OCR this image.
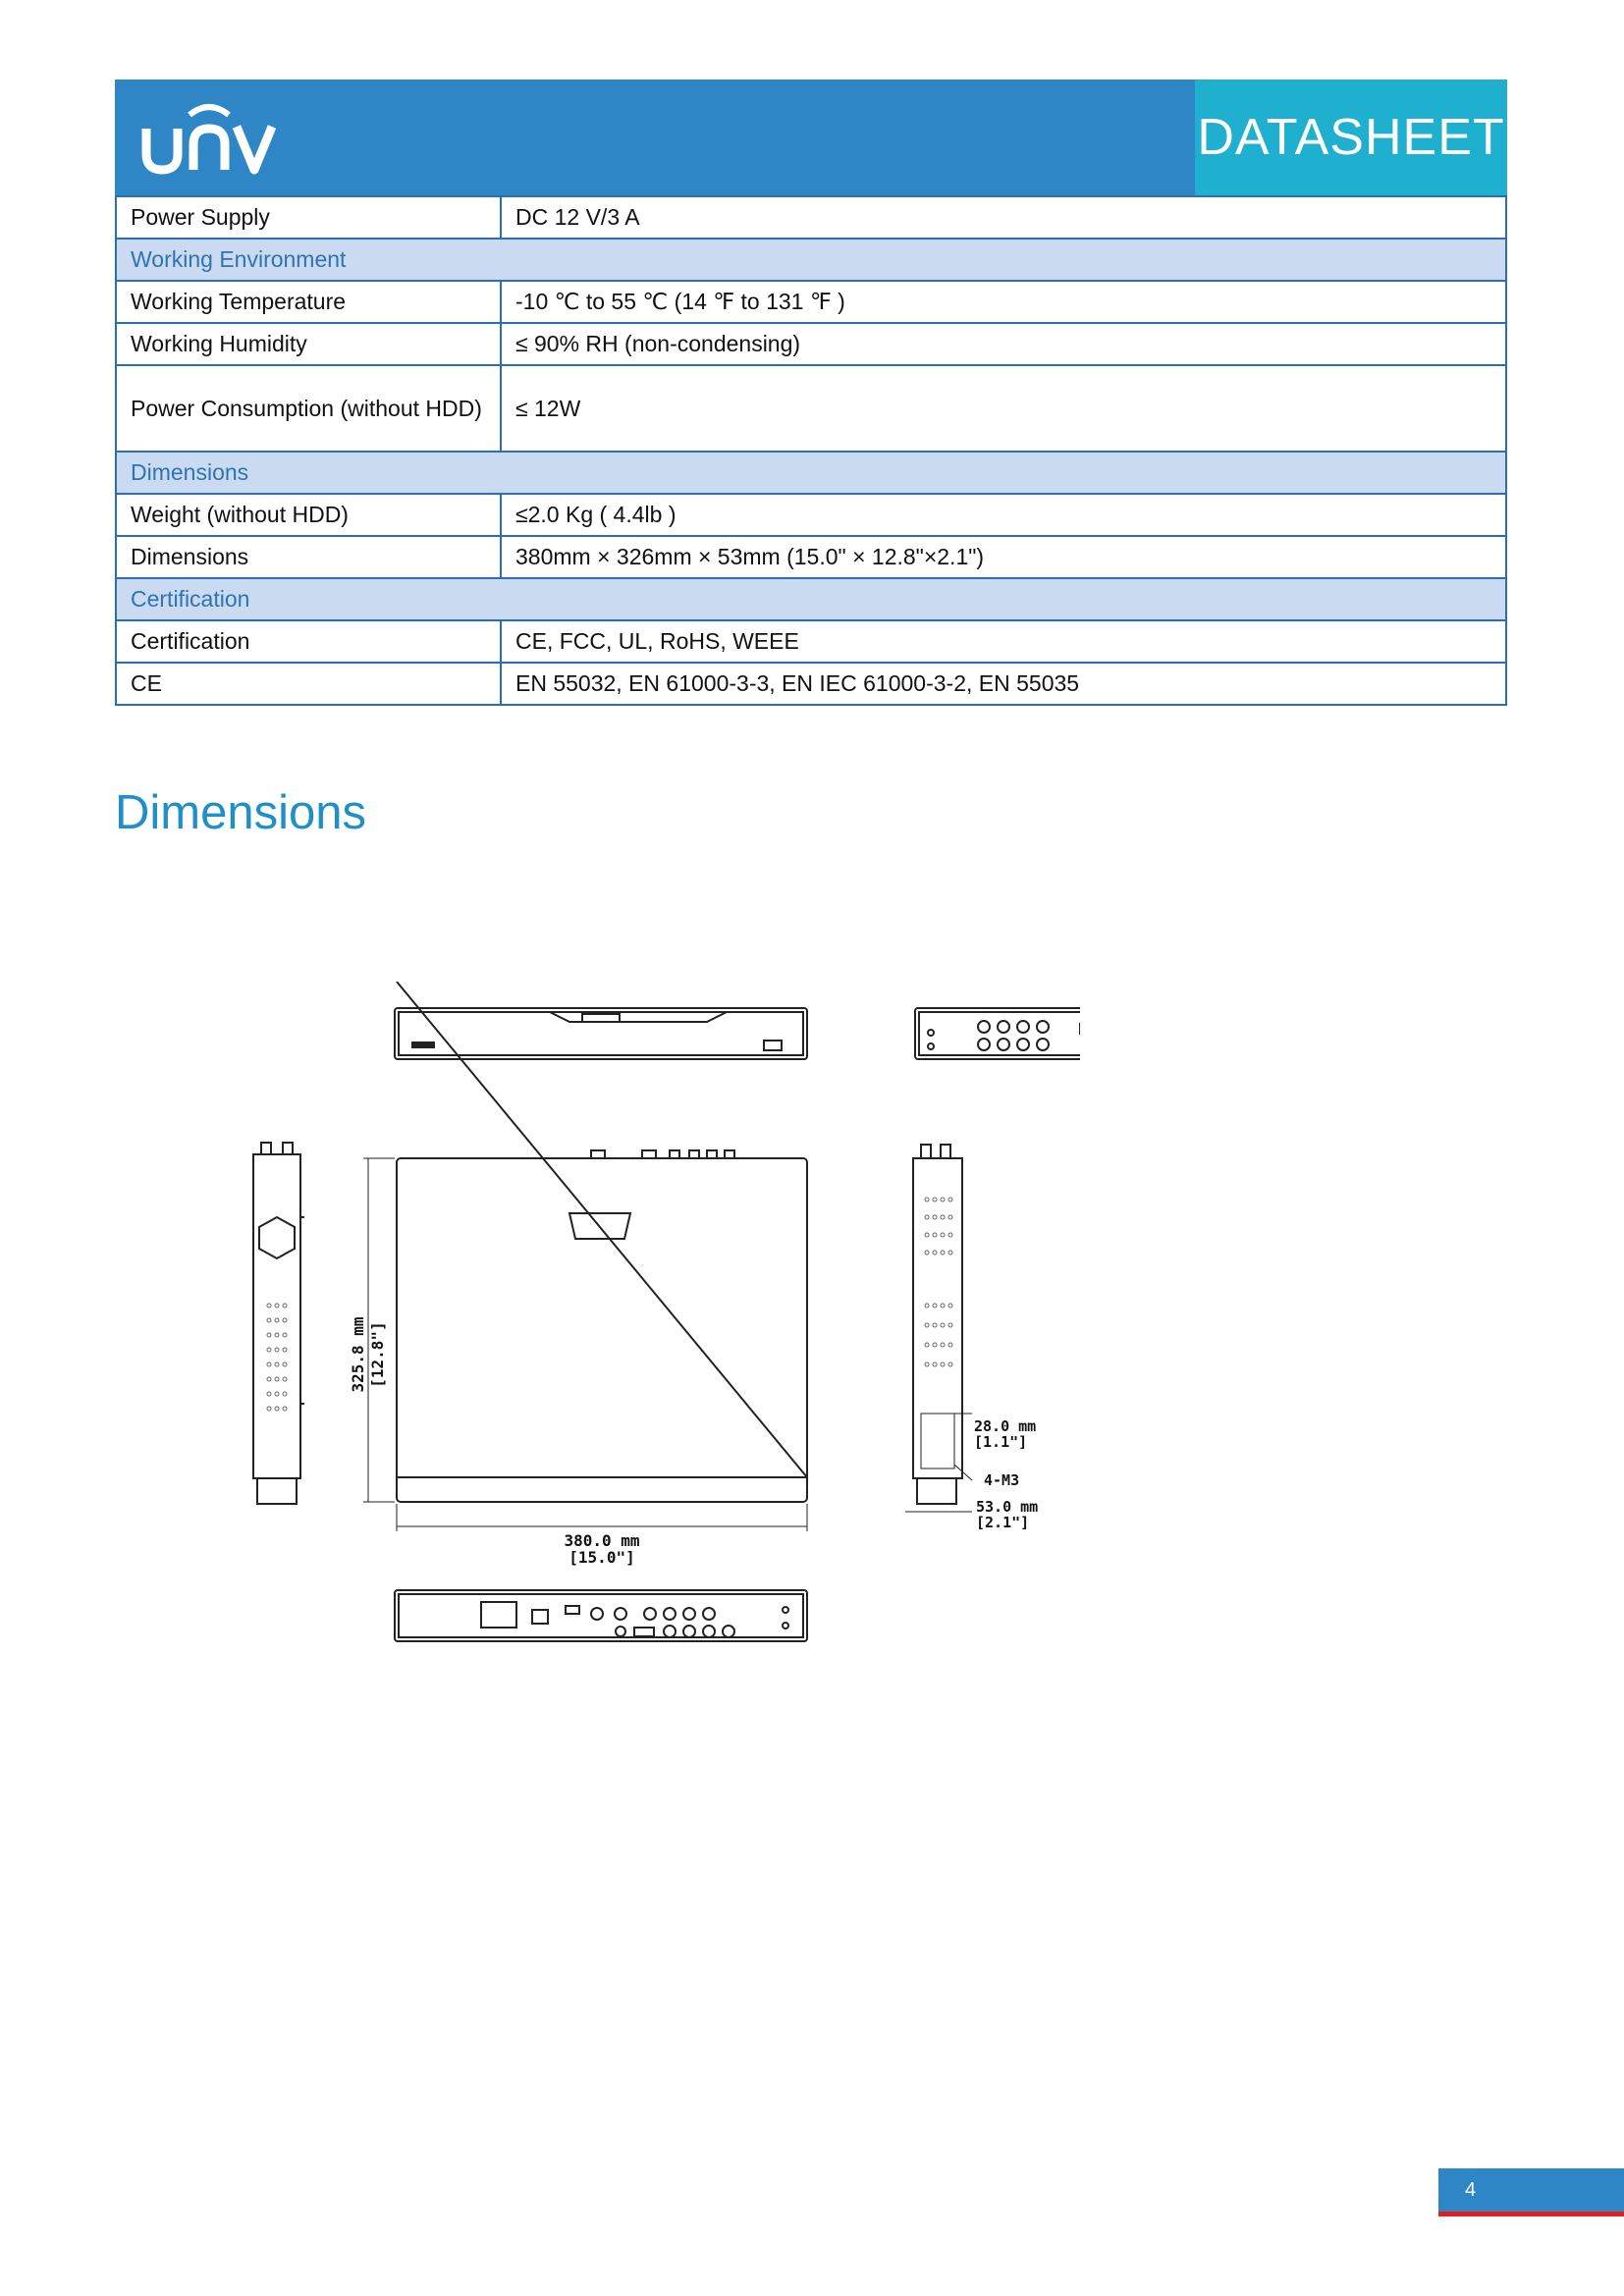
DATASHEET
Power Supply	DC 12 V/3 A
Working Environment	
Working Temperature	-10 ℃ to 55 ℃ (14 ℉ to 131 ℉ )
Working Humidity	≤ 90% RH (non-condensing)
Power Consumption (without HDD)	≤ 12W
Dimensions	
Weight (without HDD)	≤2.0 Kg ( 4.4lb )
Dimensions	380mm × 326mm × 53mm (15.0" × 12.8"×2.1")
Certification	
Certification	CE, FCC, UL, RoHS, WEEE
CE	EN 55032, EN 61000-3-3, EN IEC 61000-3-2, EN 55035
Dimensions
325.8 mm [12.8"]
380.0 mm
[15.0"]
28.0 mm
[1.1"]
4-M3
53.0 mm
[2.1"]
4
